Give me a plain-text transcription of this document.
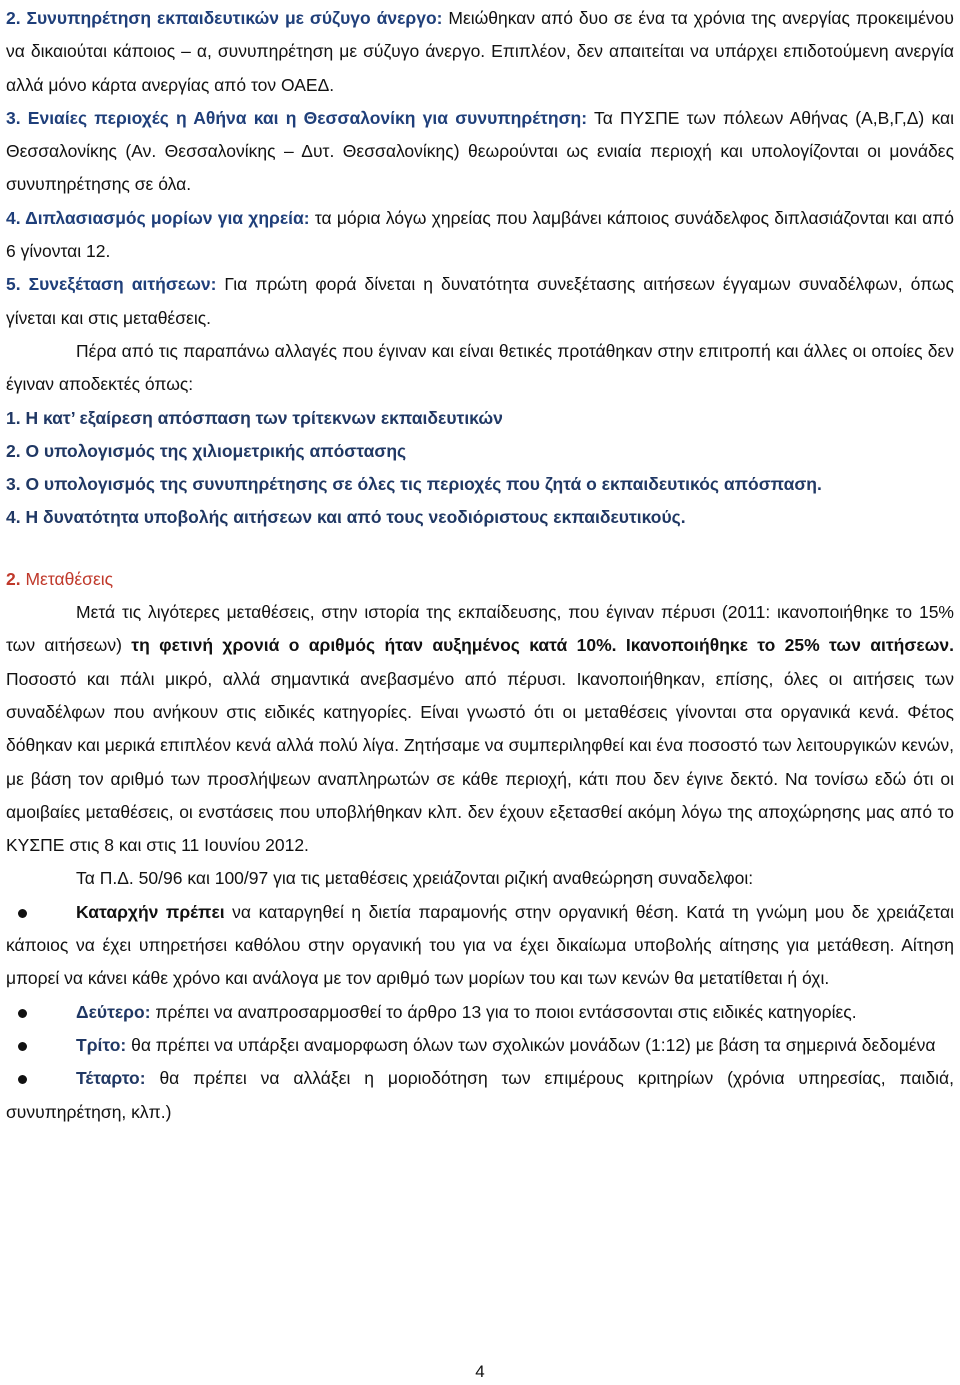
2. Συνυπηρέτηση εκπαιδευτικών με σύζυγο άνεργο: Μειώθηκαν από δυο σε ένα τα χρόνια της ανεργίας προκειμένου να δικαιούται κάποιος – α, συνυπηρέτηση με σύζυγο άνεργο. Επιπλέον, δεν απαιτείται να υπάρχει επιδοτούμενη ανεργία αλλά μόνο κάρτα ανεργίας από τον ΟΑΕΔ.

3. Ενιαίες περιοχές η Αθήνα και η Θεσσαλονίκη για συνυπηρέτηση: Τα ΠΥΣΠΕ των πόλεων Αθήνας (Α,Β,Γ,Δ) και Θεσσαλονίκης (Αν. Θεσσαλονίκης – Δυτ. Θεσσαλονίκης) θεωρούνται ως ενιαία περιοχή και υπολογίζονται οι μονάδες συνυπηρέτησης σε όλα.

4. Διπλασιασμός μορίων για χηρεία: τα μόρια λόγω χηρείας που λαμβάνει κάποιος συνάδελφος διπλασιάζονται και από 6 γίνονται 12.

5. Συνεξέταση αιτήσεων: Για πρώτη φορά δίνεται η δυνατότητα συνεξέτασης αιτήσεων έγγαμων συναδέλφων, όπως γίνεται και στις μεταθέσεις.

Πέρα από τις παραπάνω αλλαγές που έγιναν και είναι θετικές προτάθηκαν στην επιτροπή και άλλες οι οποίες δεν έγιναν αποδεκτές όπως:

1. Η κατ’ εξαίρεση απόσπαση των τρίτεκνων εκπαιδευτικών

2. Ο υπολογισμός της χιλιομετρικής απόστασης

3. Ο υπολογισμός της συνυπηρέτησης σε όλες τις περιοχές που ζητά ο εκπαιδευτικός απόσπαση.

4. Η δυνατότητα υποβολής αιτήσεων και από τους νεοδιόριστους εκπαιδευτικούς.

2. Μεταθέσεις

Μετά τις λιγότερες μεταθέσεις, στην ιστορία της εκπαίδευσης, που έγιναν πέρυσι (2011: ικανοποιήθηκε το 15% των αιτήσεων) τη φετινή χρονιά ο αριθμός ήταν αυξημένος κατά 10%. Ικανοποιήθηκε το 25% των αιτήσεων. Ποσοστό και πάλι μικρό, αλλά σημαντικά ανεβασμένο από πέρυσι. Ικανοποιήθηκαν, επίσης, όλες οι αιτήσεις των συναδέλφων που ανήκουν στις ειδικές κατηγορίες. Είναι γνωστό ότι οι μεταθέσεις γίνονται στα οργανικά κενά. Φέτος δόθηκαν και μερικά επιπλέον κενά αλλά πολύ λίγα. Ζητήσαμε να συμπεριληφθεί και ένα ποσοστό των λειτουργικών κενών, με βάση τον αριθμό των προσλήψεων αναπληρωτών σε κάθε περιοχή, κάτι που δεν έγινε δεκτό. Να τονίσω εδώ ότι οι αμοιβαίες μεταθέσεις, οι ενστάσεις που υποβλήθηκαν κλπ. δεν έχουν εξετασθεί ακόμη λόγω της αποχώρησης μας από το ΚΥΣΠΕ στις 8 και στις 11 Ιουνίου 2012.

Τα Π.Δ. 50/96 και 100/97 για τις μεταθέσεις χρειάζονται ριζική αναθεώρηση συναδελφοι:

Καταρχήν πρέπει να καταργηθεί η διετία παραμονής στην οργανική θέση. Κατά τη γνώμη μου δε χρειάζεται κάποιος να έχει υπηρετήσει καθόλου στην οργανική του για να έχει δικαίωμα υποβολής αίτησης για μετάθεση. Αίτηση μπορεί να κάνει κάθε χρόνο και ανάλογα με τον αριθμό των μορίων του και των κενών θα μετατίθεται ή όχι.

Δεύτερο: πρέπει να αναπροσαρμοσθεί το άρθρο 13 για το ποιοι εντάσσονται στις ειδικές κατηγορίες.

Τρίτο: θα πρέπει να υπάρξει αναμορφωση όλων των σχολικών μονάδων (1:12) με βάση τα σημερινά δεδομένα

Τέταρτο: θα πρέπει να αλλάξει η μοριοδότηση των επιμέρους κριτηρίων (χρόνια υπηρεσίας, παιδιά, συνυπηρέτηση, κλπ.)

4
